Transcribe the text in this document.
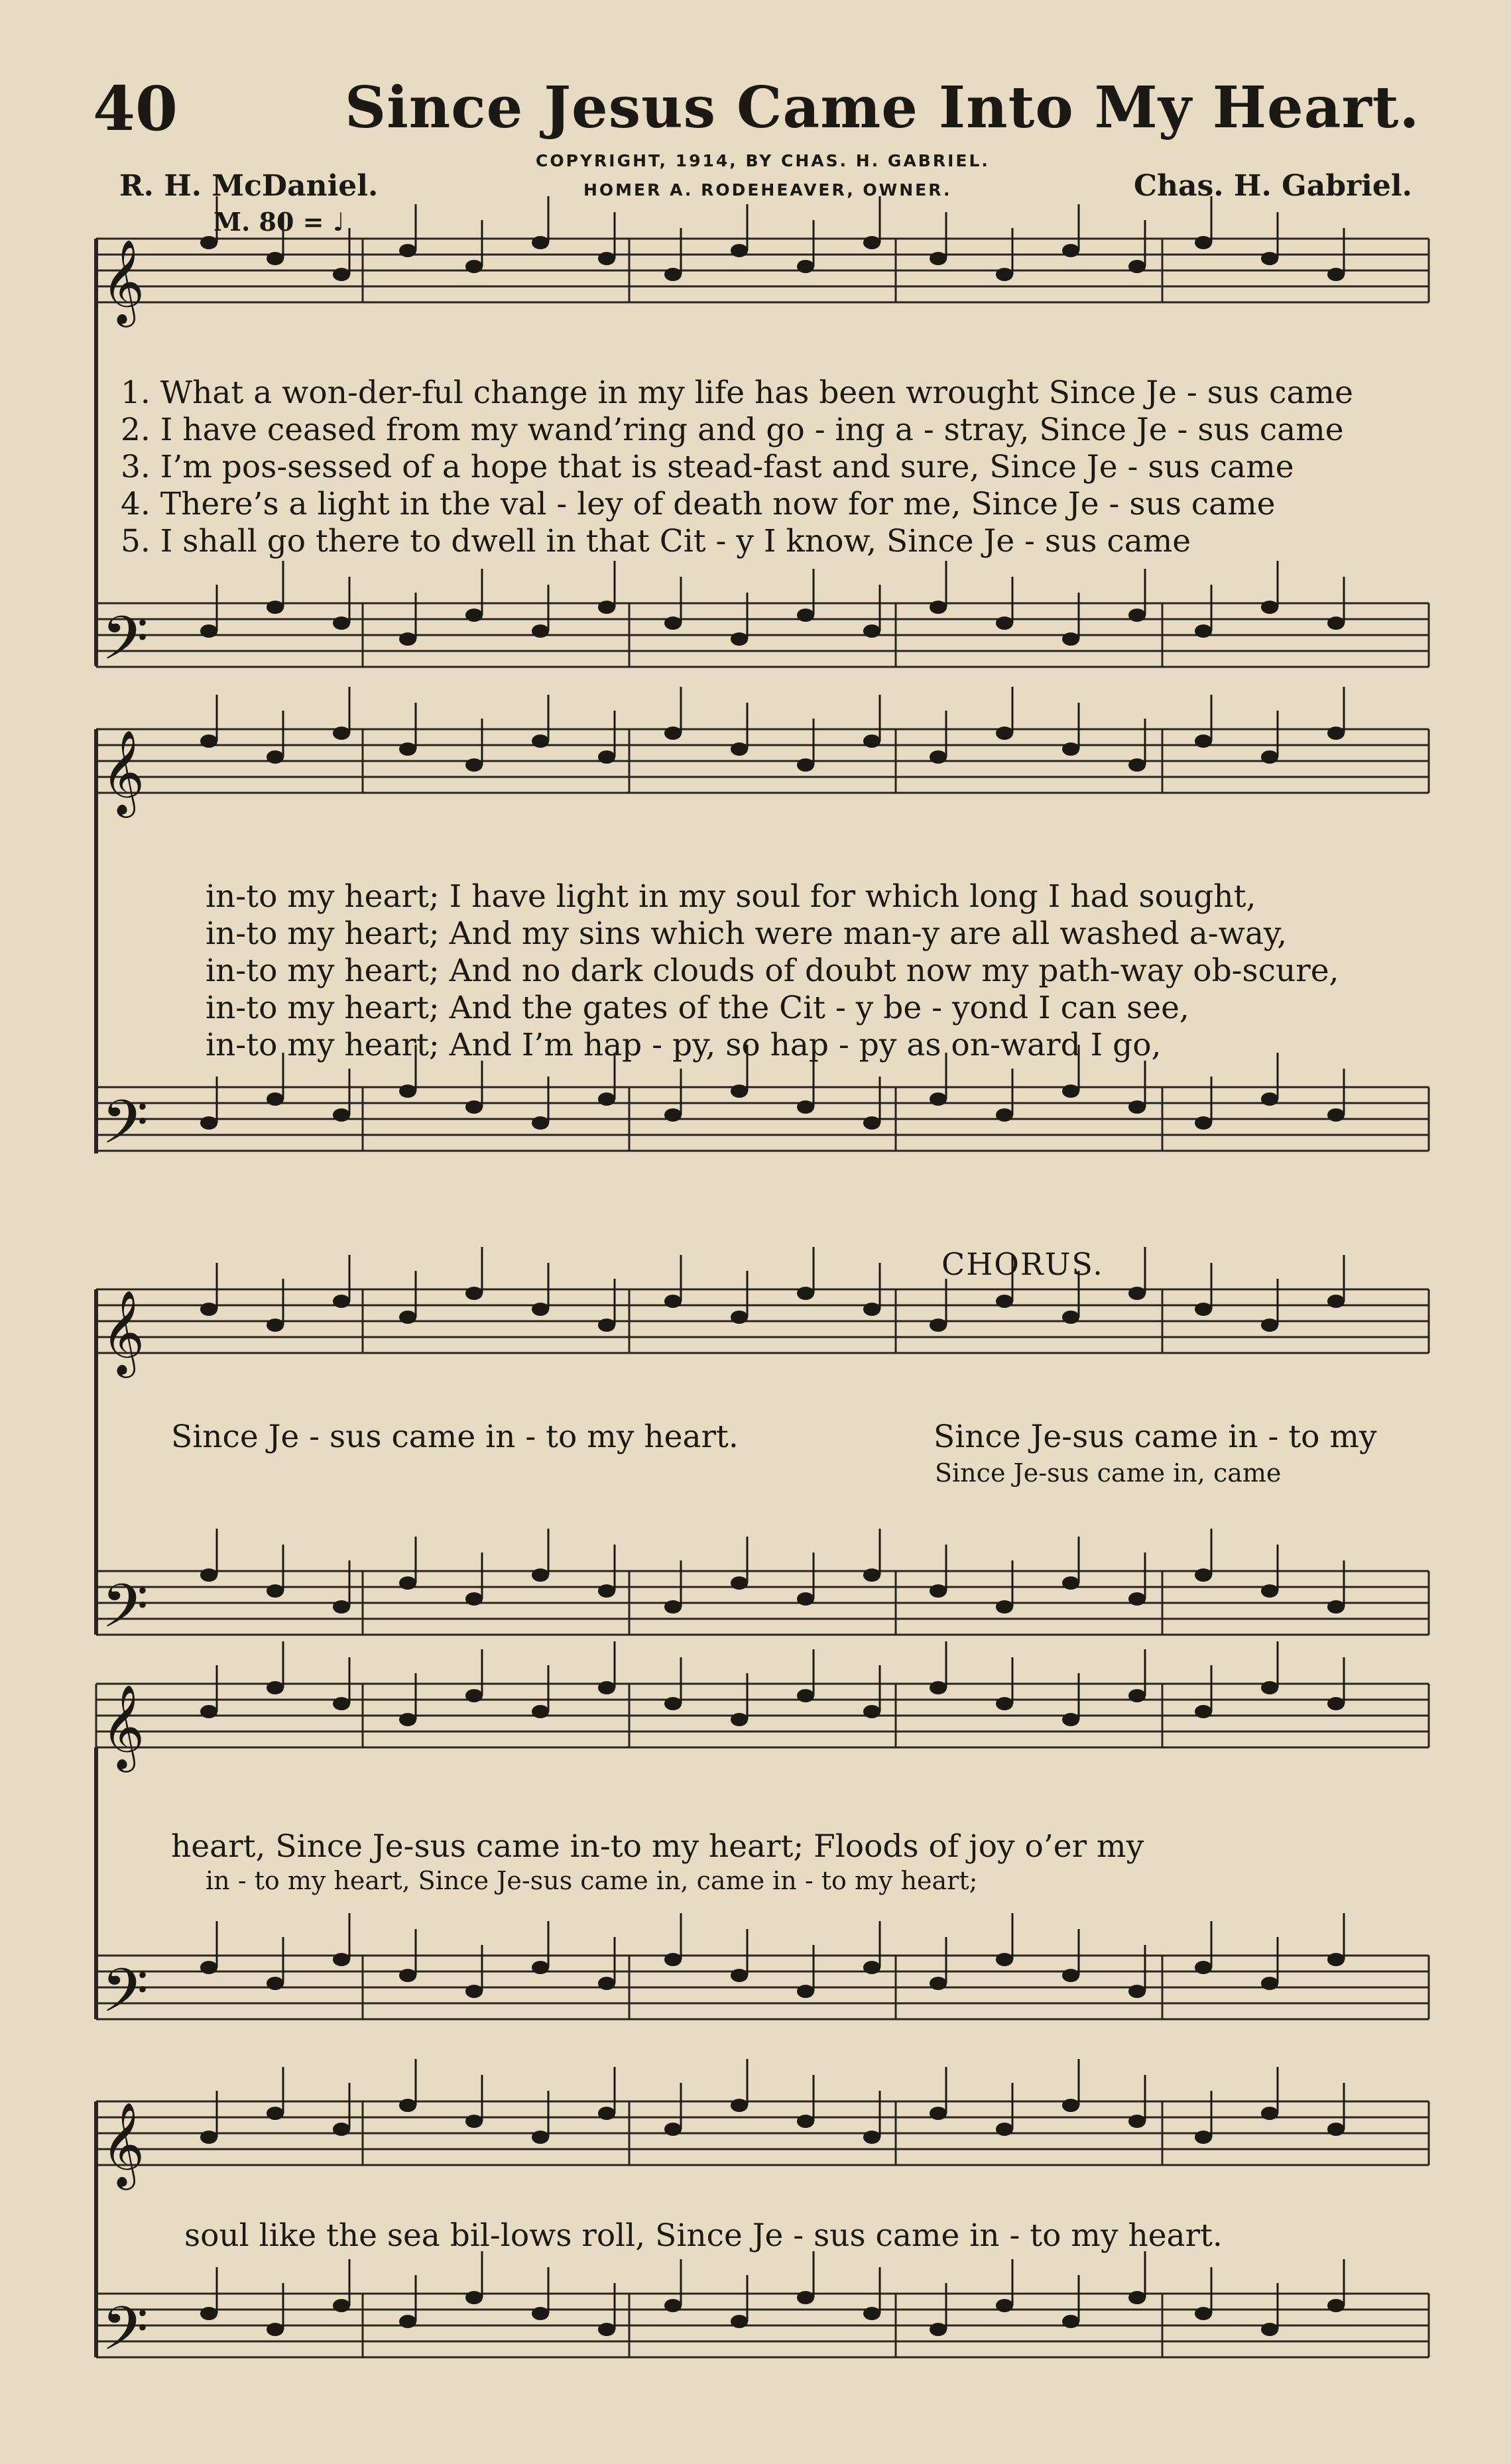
40	Since Jesus Came Into My Heart.
R. H. McDaniel.	Chas. H. Gabriel.
COPYRIGHT, 1914, BY CHAS. H. GABRIEL.
HOMER A. RODEHEAVER, OWNER.
M. 80 = ♩
𝄞
𝄢
𝄞
𝄢
𝄞
𝄢
𝄞
𝄢
𝄞
𝄢
1. What a won-der-ful change in my life has been wrought Since Je - sus came
2. I have ceased from my wand’ring and go - ing a - stray, Since Je - sus came
3. I’m pos-sessed of a hope that is stead-fast and sure, Since Je - sus came
4. There’s a light in the val - ley of death now for me, Since Je - sus came
5. I shall go there to dwell in that Cit - y I know, Since Je - sus came
in-to my heart; I have light in my soul for which long I had sought,
in-to my heart; And my sins which were man-y are all washed a-way,
in-to my heart; And no dark clouds of doubt now my path-way ob-scure,
in-to my heart; And the gates of the Cit - y be - yond I can see,
in-to my heart; And I’m hap - py, so hap - py as on-ward I go,
CHORUS.
Since Je - sus came in - to my heart.	Since Je-sus came in - to my
Since Je-sus came in, came
heart, Since Je-sus came in-to my heart; Floods of joy o’er my
in - to my heart, Since Je-sus came in, came in - to my heart;
soul like the sea bil-lows roll, Since Je - sus came in - to my heart.
